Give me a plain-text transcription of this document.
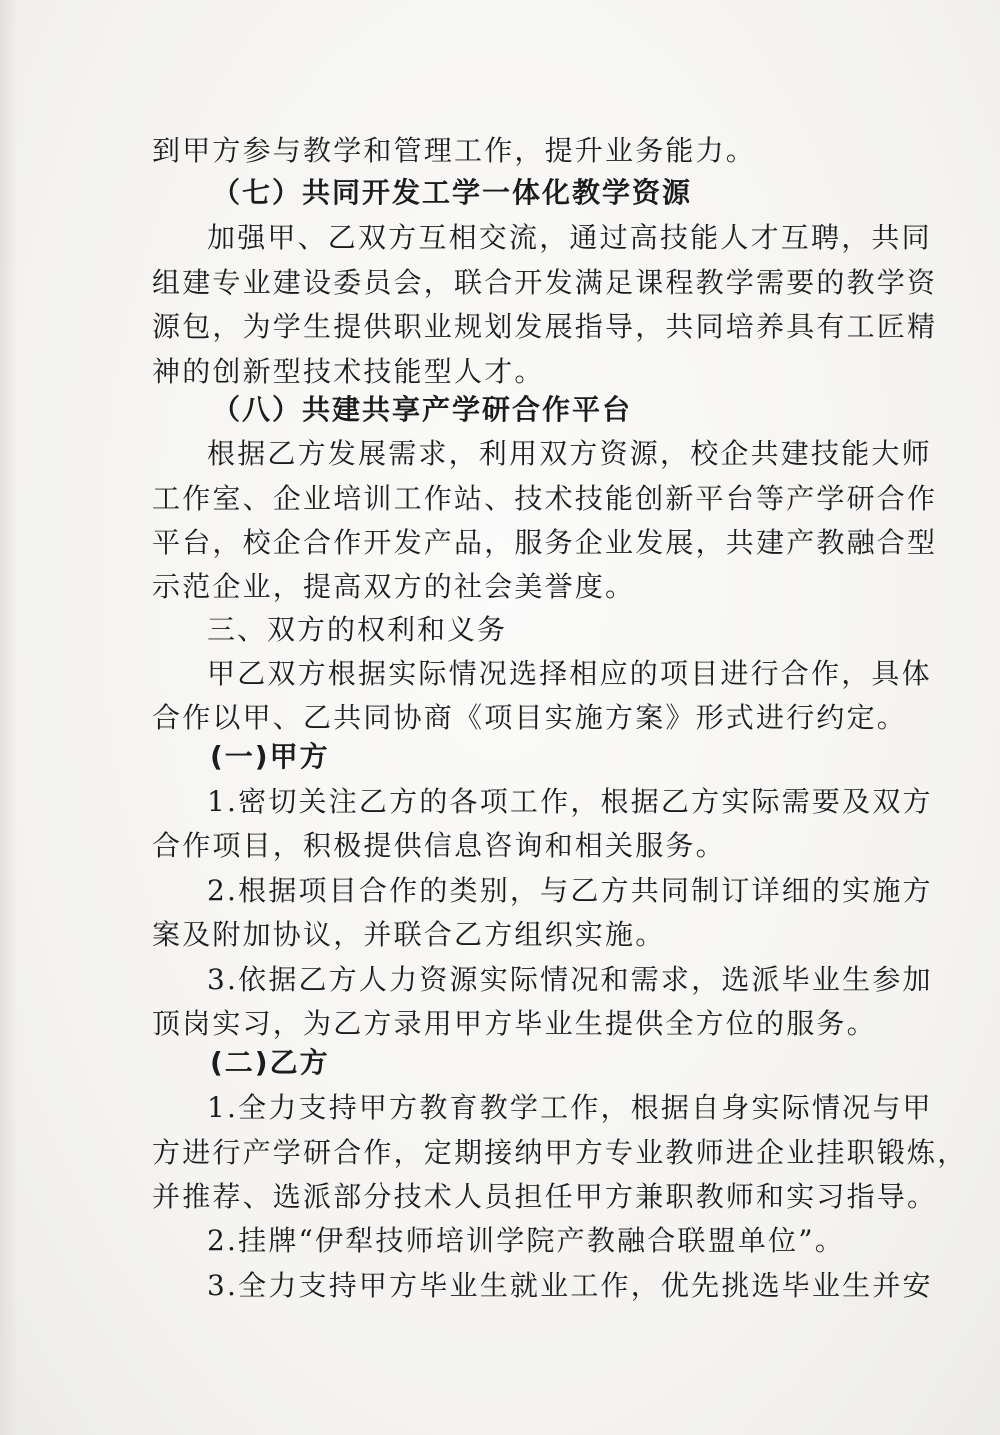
到甲方参与教学和管理工作，提升业务能力。
（七）共同开发工学一体化教学资源
加强甲、乙双方互相交流，通过高技能人才互聘，共同
组建专业建设委员会，联合开发满足课程教学需要的教学资
源包，为学生提供职业规划发展指导，共同培养具有工匠精
神的创新型技术技能型人才。
（八）共建共享产学研合作平台
根据乙方发展需求，利用双方资源，校企共建技能大师
工作室、企业培训工作站、技术技能创新平台等产学研合作
平台，校企合作开发产品，服务企业发展，共建产教融合型
示范企业，提高双方的社会美誉度。
三、双方的权利和义务
甲乙双方根据实际情况选择相应的项目进行合作，具体
合作以甲、乙共同协商《项目实施方案》形式进行约定。
(一)甲方
1.密切关注乙方的各项工作，根据乙方实际需要及双方
合作项目，积极提供信息咨询和相关服务。
2.根据项目合作的类别，与乙方共同制订详细的实施方
案及附加协议，并联合乙方组织实施。
3.依据乙方人力资源实际情况和需求，选派毕业生参加
顶岗实习，为乙方录用甲方毕业生提供全方位的服务。
(二)乙方
1.全力支持甲方教育教学工作，根据自身实际情况与甲
方进行产学研合作，定期接纳甲方专业教师进企业挂职锻炼，
并推荐、选派部分技术人员担任甲方兼职教师和实习指导。
2.挂牌“伊犁技师培训学院产教融合联盟单位”。
3.全力支持甲方毕业生就业工作，优先挑选毕业生并安
